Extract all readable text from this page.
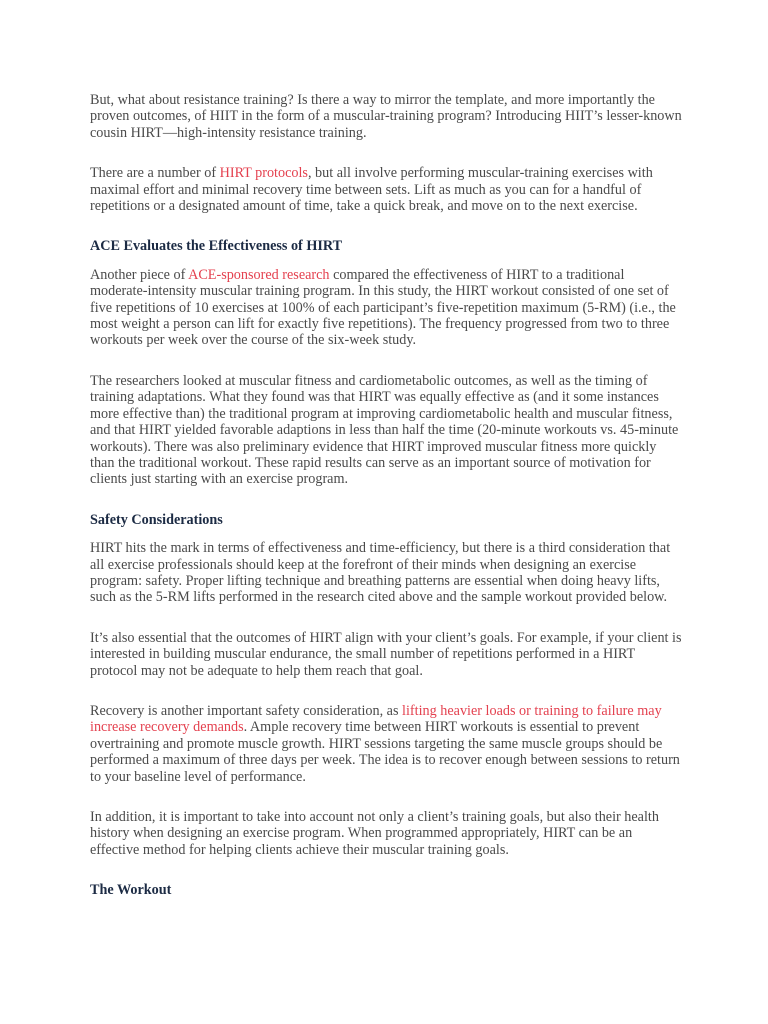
But, what about resistance training? Is there a way to mirror the template, and more importantly the proven outcomes, of HIIT in the form of a muscular-training program? Introducing HIIT’s lesser-known cousin HIRT—high-intensity resistance training.

There are a number of HIRT protocols, but all involve performing muscular-training exercises with maximal effort and minimal recovery time between sets. Lift as much as you can for a handful of repetitions or a designated amount of time, take a quick break, and move on to the next exercise.

ACE Evaluates the Effectiveness of HIRT

Another piece of ACE-sponsored research compared the effectiveness of HIRT to a traditional moderate-intensity muscular training program. In this study, the HIRT workout consisted of one set of five repetitions of 10 exercises at 100% of each participant’s five-repetition maximum (5-RM) (i.e., the most weight a person can lift for exactly five repetitions). The frequency progressed from two to three workouts per week over the course of the six-week study.

The researchers looked at muscular fitness and cardiometabolic outcomes, as well as the timing of training adaptations. What they found was that HIRT was equally effective as (and it some instances more effective than) the traditional program at improving cardiometabolic health and muscular fitness, and that HIRT yielded favorable adaptions in less than half the time (20-minute workouts vs. 45-minute workouts). There was also preliminary evidence that HIRT improved muscular fitness more quickly than the traditional workout. These rapid results can serve as an important source of motivation for clients just starting with an exercise program.

Safety Considerations

HIRT hits the mark in terms of effectiveness and time-efficiency, but there is a third consideration that all exercise professionals should keep at the forefront of their minds when designing an exercise program: safety. Proper lifting technique and breathing patterns are essential when doing heavy lifts, such as the 5-RM lifts performed in the research cited above and the sample workout provided below.

It’s also essential that the outcomes of HIRT align with your client’s goals. For example, if your client is interested in building muscular endurance, the small number of repetitions performed in a HIRT protocol may not be adequate to help them reach that goal.

Recovery is another important safety consideration, as lifting heavier loads or training to failure may increase recovery demands. Ample recovery time between HIRT workouts is essential to prevent overtraining and promote muscle growth. HIRT sessions targeting the same muscle groups should be performed a maximum of three days per week. The idea is to recover enough between sessions to return to your baseline level of performance.

In addition, it is important to take into account not only a client’s training goals, but also their health history when designing an exercise program. When programmed appropriately, HIRT can be an effective method for helping clients achieve their muscular training goals.

The Workout
